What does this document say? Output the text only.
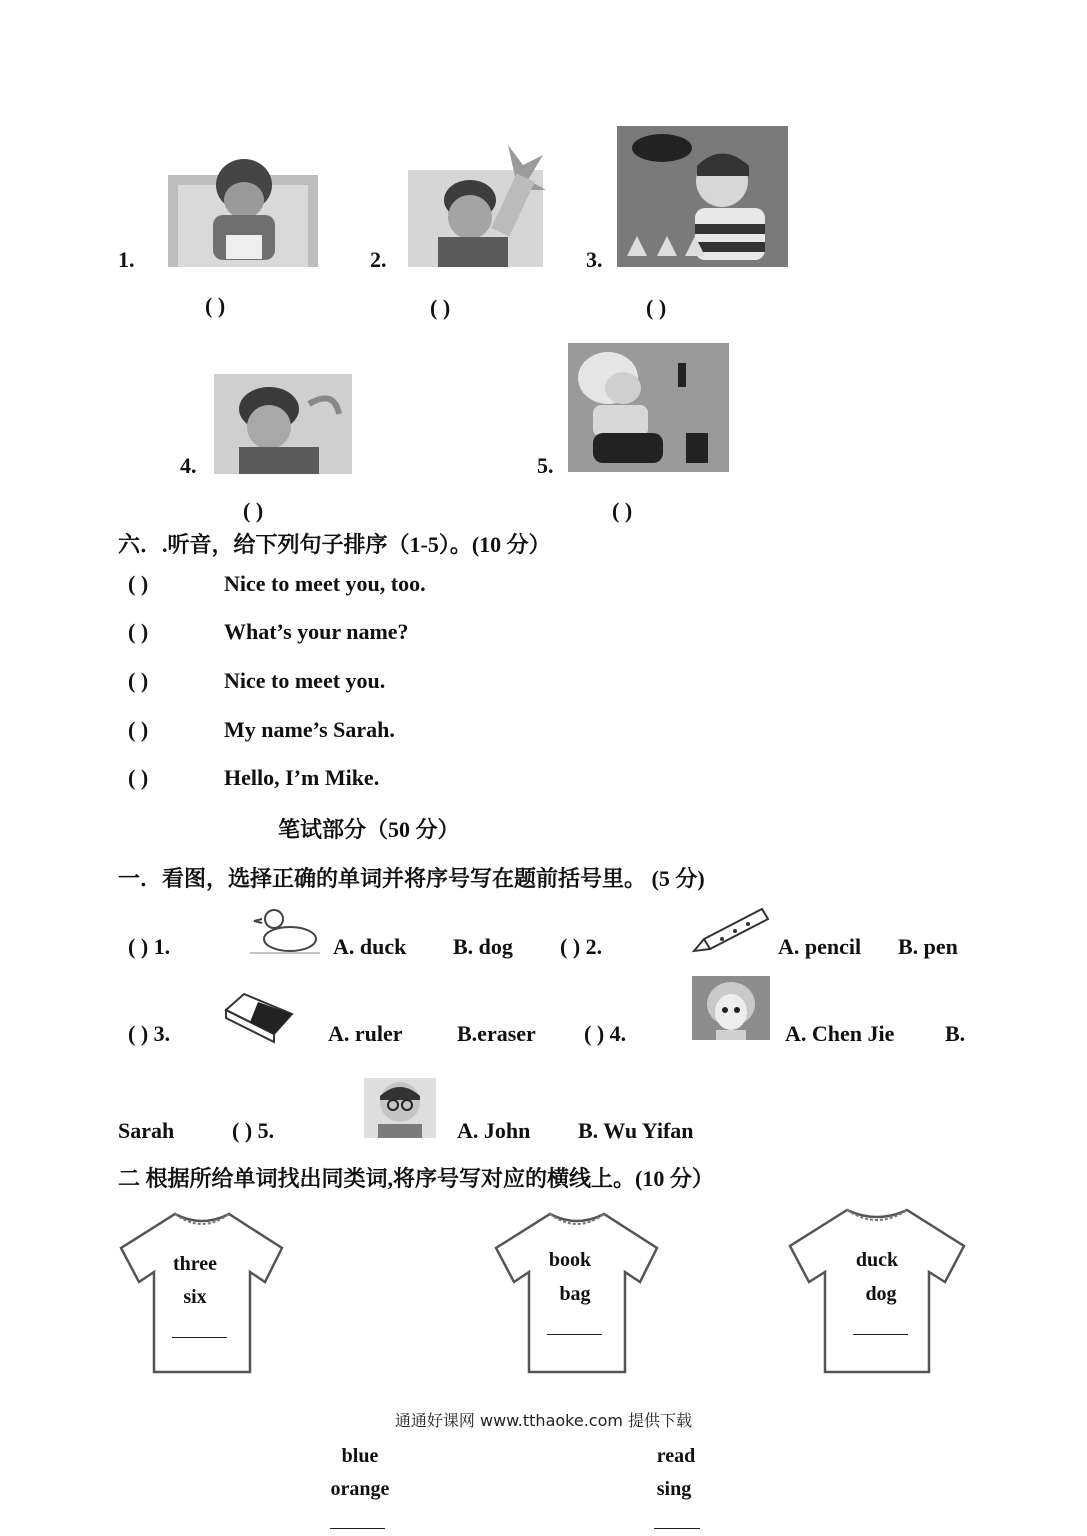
1.
( )
2.
( )
3.
( )
4.
( )
5.
( )
六．.听音，给下列句子排序（1-5）。(10 分）
( )	Nice to meet you, too.
( )	What’s your name?
( )	Nice to meet you.
( )	My name’s Sarah.
( )	Hello, I’m Mike.
笔试部分（50 分）
一．看图，选择正确的单词并将序号写在题前括号里。 (5 分)
( ) 1.	A. duck B. dog ( ) 2.	A. pencil B. pen
( ) 3.	A. ruler B.eraser ( ) 4.	A. Chen Jie B.
Sarah	( ) 5.	A. John B. Wu Yifan
二 根据所给单词找出同类词,将序号写对应的横线上。(10 分）
three
six
book
bag
duck
dog
通通好课网 www.tthaoke.com 提供下载
blue
orange
read
sing
